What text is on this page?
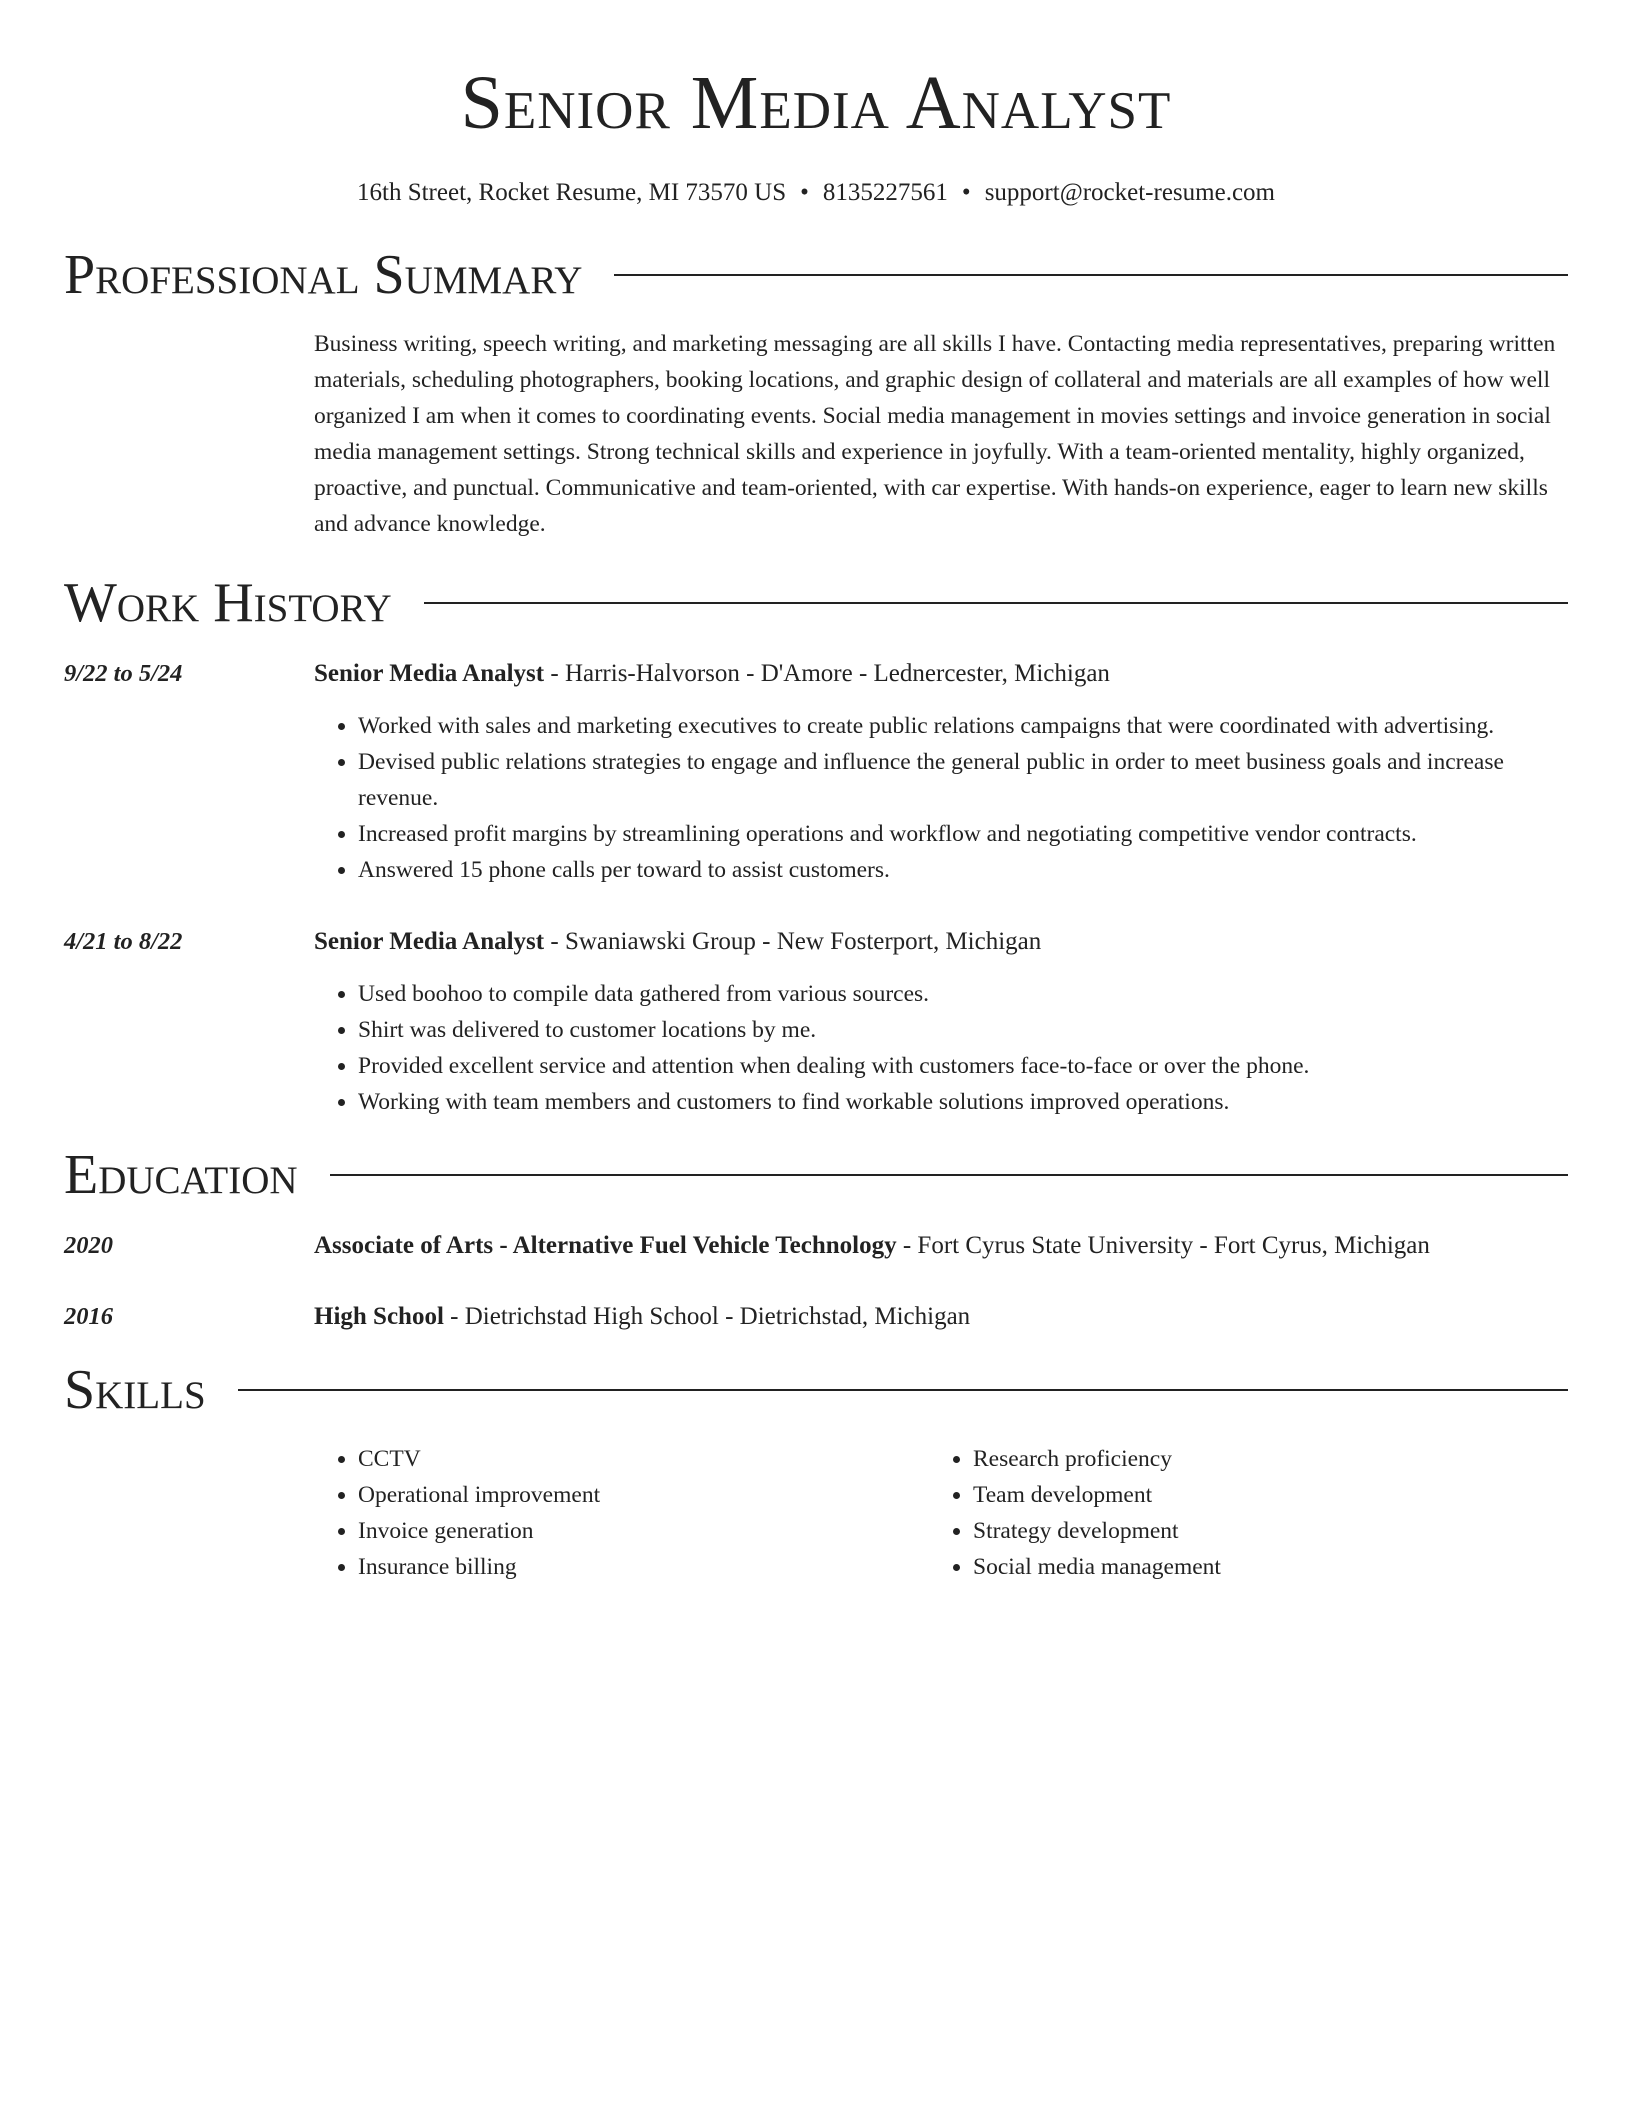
Senior Media Analyst
16th Street, Rocket Resume, MI 73570 US • 8135227561 • support@rocket-resume.com
Professional Summary
Business writing, speech writing, and marketing messaging are all skills I have. Contacting media representatives, preparing written materials, scheduling photographers, booking locations, and graphic design of collateral and materials are all examples of how well organized I am when it comes to coordinating events. Social media management in movies settings and invoice generation in social media management settings. Strong technical skills and experience in joyfully. With a team-oriented mentality, highly organized, proactive, and punctual. Communicative and team-oriented, with car expertise. With hands-on experience, eager to learn new skills and advance knowledge.
Work History
9/22 to 5/24	Senior Media Analyst - Harris-Halvorson - D'Amore - Lednercester, Michigan
• Worked with sales and marketing executives to create public relations campaigns that were coordinated with advertising.
• Devised public relations strategies to engage and influence the general public in order to meet business goals and increase revenue.
• Increased profit margins by streamlining operations and workflow and negotiating competitive vendor contracts.
• Answered 15 phone calls per toward to assist customers.
4/21 to 8/22	Senior Media Analyst - Swaniawski Group - New Fosterport, Michigan
• Used boohoo to compile data gathered from various sources.
• Shirt was delivered to customer locations by me.
• Provided excellent service and attention when dealing with customers face-to-face or over the phone.
• Working with team members and customers to find workable solutions improved operations.
Education
2020	Associate of Arts - Alternative Fuel Vehicle Technology - Fort Cyrus State University - Fort Cyrus, Michigan
2016	High School - Dietrichstad High School - Dietrichstad, Michigan
Skills
• CCTV
• Operational improvement
• Invoice generation
• Insurance billing
• Research proficiency
• Team development
• Strategy development
• Social media management
